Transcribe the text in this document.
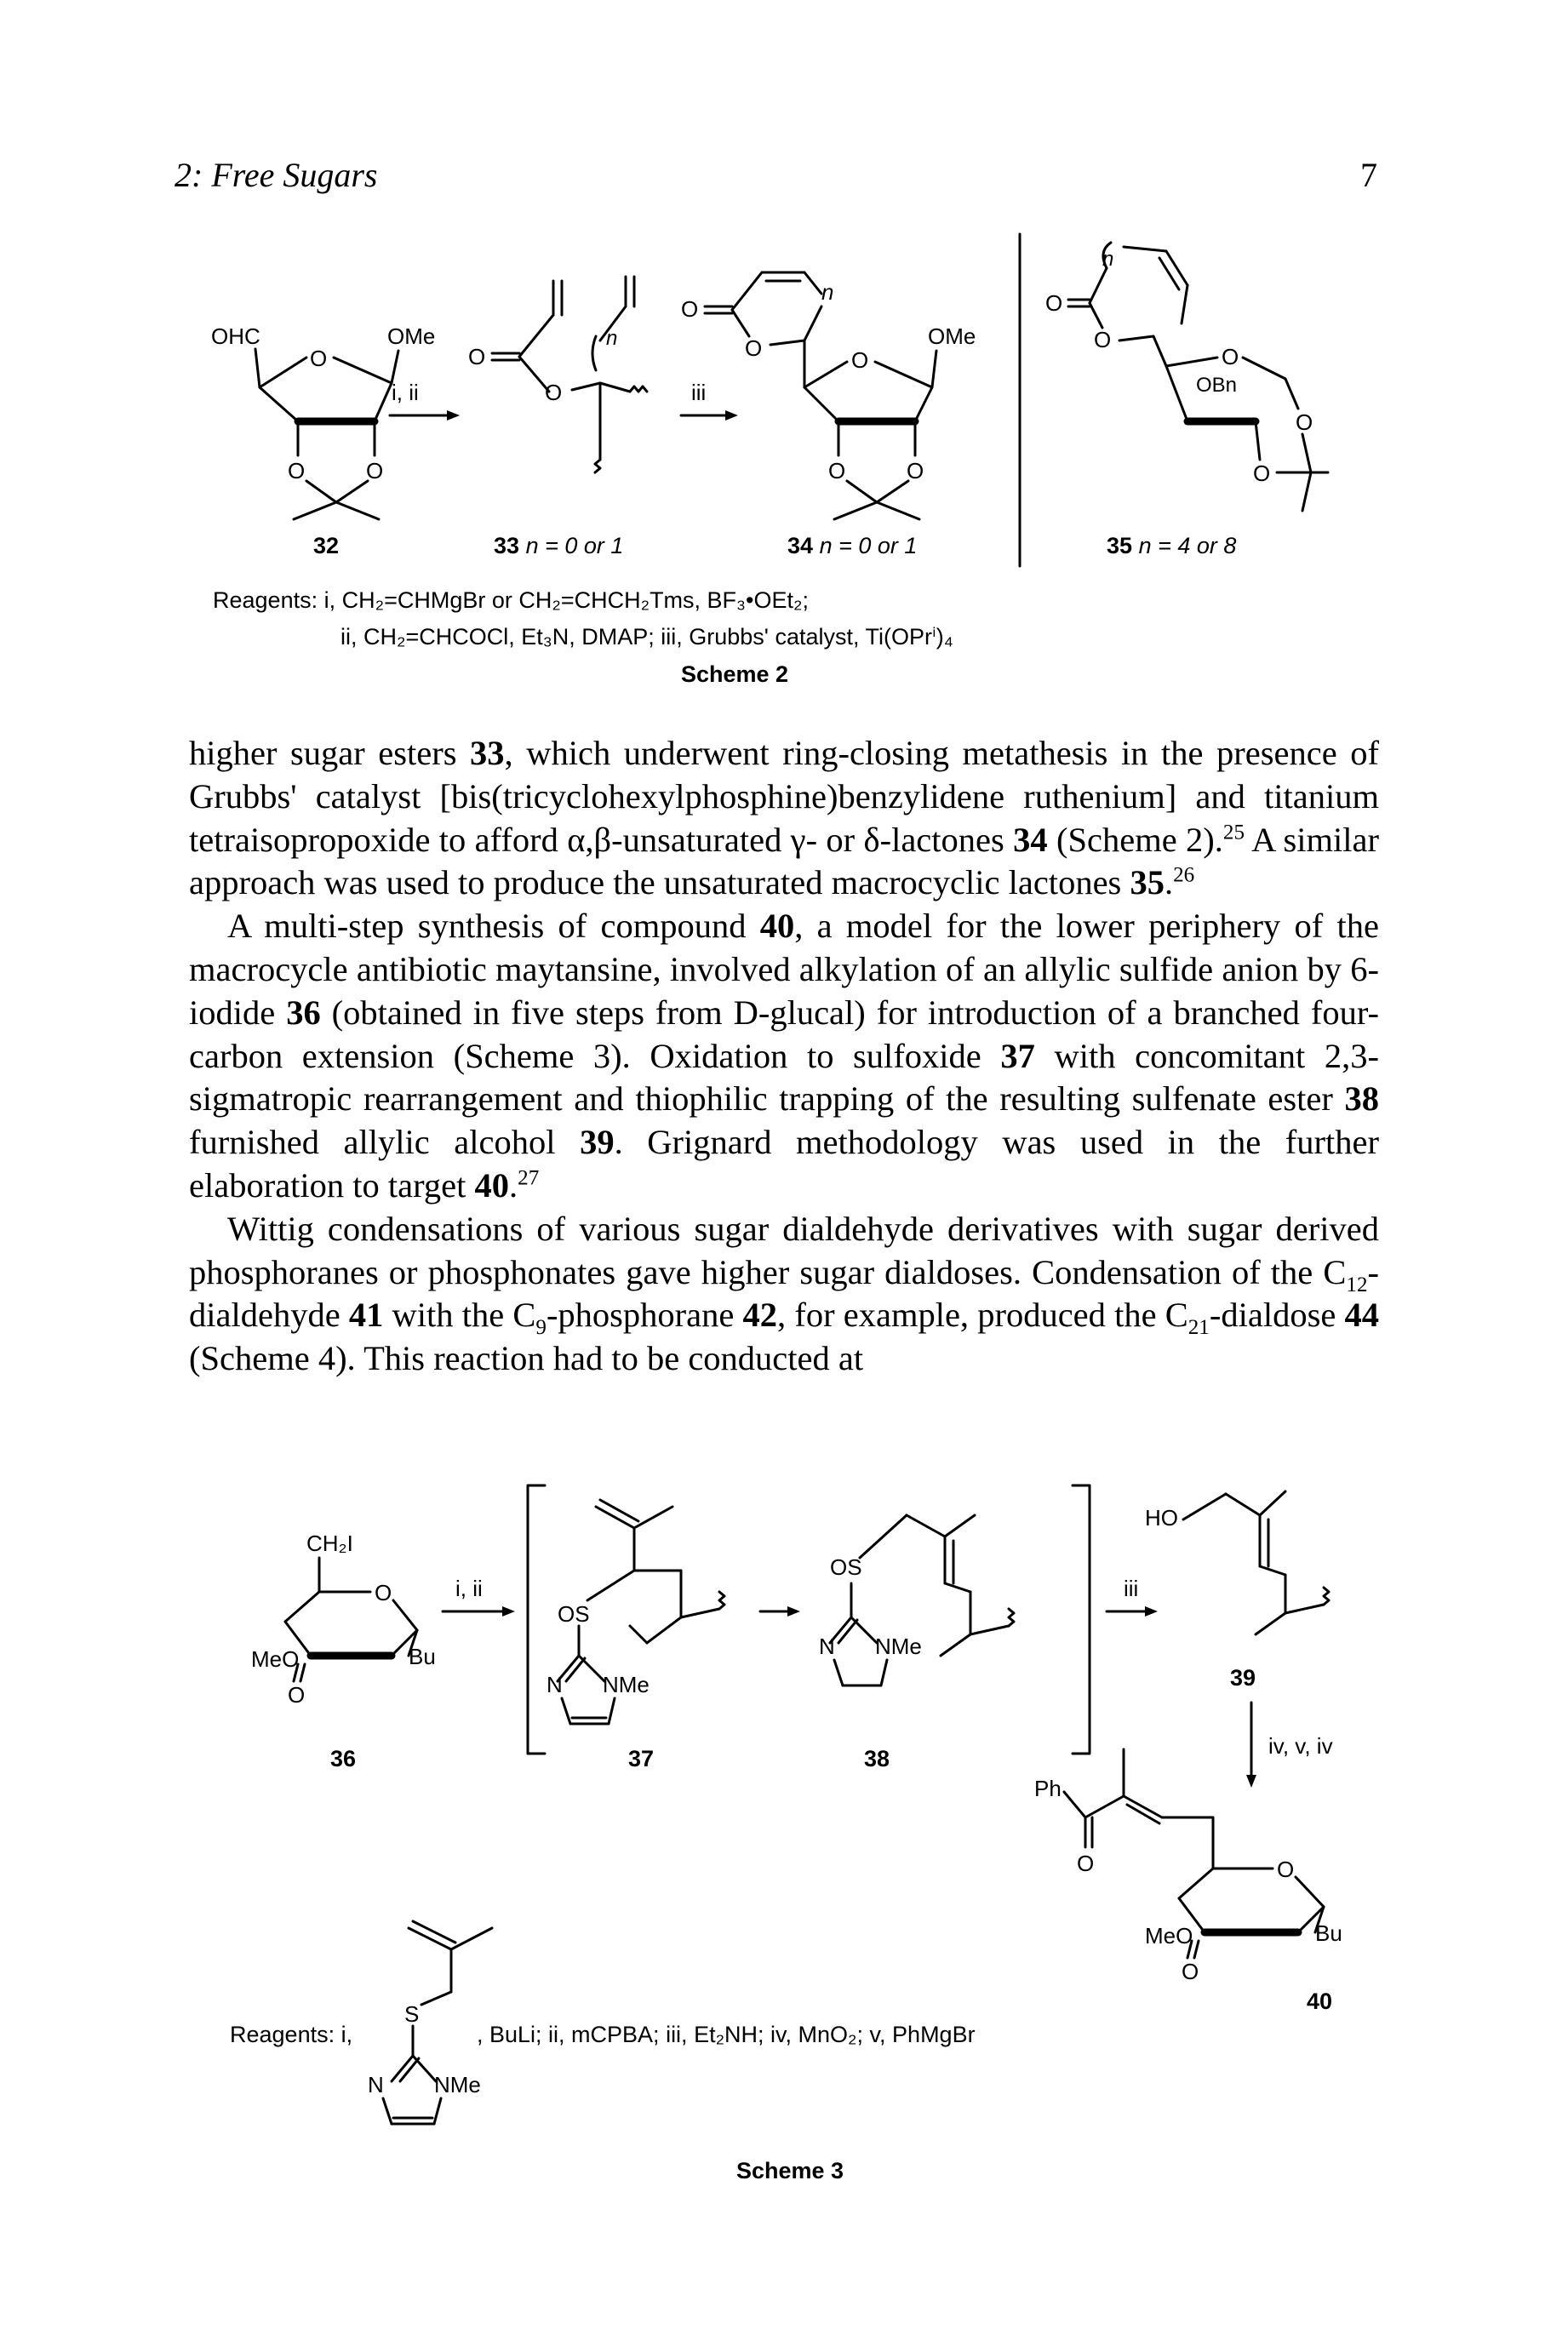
2: Free Sugars	7
OHC
O
OMe
O	O
32
i, ii
O
O
n
33 n = 0 or 1
iii
O
n
O	O
OMe
O	O
34 n = 0 or 1
O
n
O
O
OBn
O
O
35 n = 4 or 8
Reagents: i, CH₂=CHMgBr or CH₂=CHCH₂Tms, BF₃•OEt₂;
ii, CH₂=CHCOCl, Et₃N, DMAP; iii, Grubbs' catalyst, Ti(OPrⁱ)₄
Scheme 2

higher sugar esters 33, which underwent ring-closing metathesis in the presence of Grubbs' catalyst [bis(tricyclohexylphosphine)benzylidene ruthenium] and titanium tetraisopropoxide to afford α,β-unsaturated γ- or δ-lactones 34 (Scheme 2).$^{25}$ A similar approach was used to produce the unsaturated macrocyclic lactones 35.26

A multi-step synthesis of compound 40, a model for the lower periphery of the macrocycle antibiotic maytansine, involved alkylation of an allylic sulfide anion by 6-iodide 36 (obtained in five steps from D-glucal) for introduction of a branched four-carbon extension (Scheme 3). Oxidation to sulfoxide 37 with concomitant 2,3-sigmatropic rearrangement and thiophilic trapping of the resulting sulfenate ester 38 furnished allylic alcohol 39. Grignard methodology was used in the further elaboration to target 40.27

Wittig condensations of various sugar dialdehyde derivatives with sugar derived phosphoranes or phosphonates gave higher sugar dialdoses. Condensation of the $C_{12}$-dialdehyde 41 with the $C_9$-phosphorane 42, for example, produced the $C_{21}$-dialdose 44 (Scheme 4). This reaction had to be conducted at

CH₂I
O
Bu
MeO
O
36
i, ii
OS
N NMe
37
OS
N NMe
38
iii
HO
39
iv, v, iv
Ph
O	O
Bu
MeO
O
40
S
N NMe
Reagents: i,	, BuLi; ii, mCPBA; iii, Et₂NH; iv, MnO₂; v, PhMgBr
Scheme 3
